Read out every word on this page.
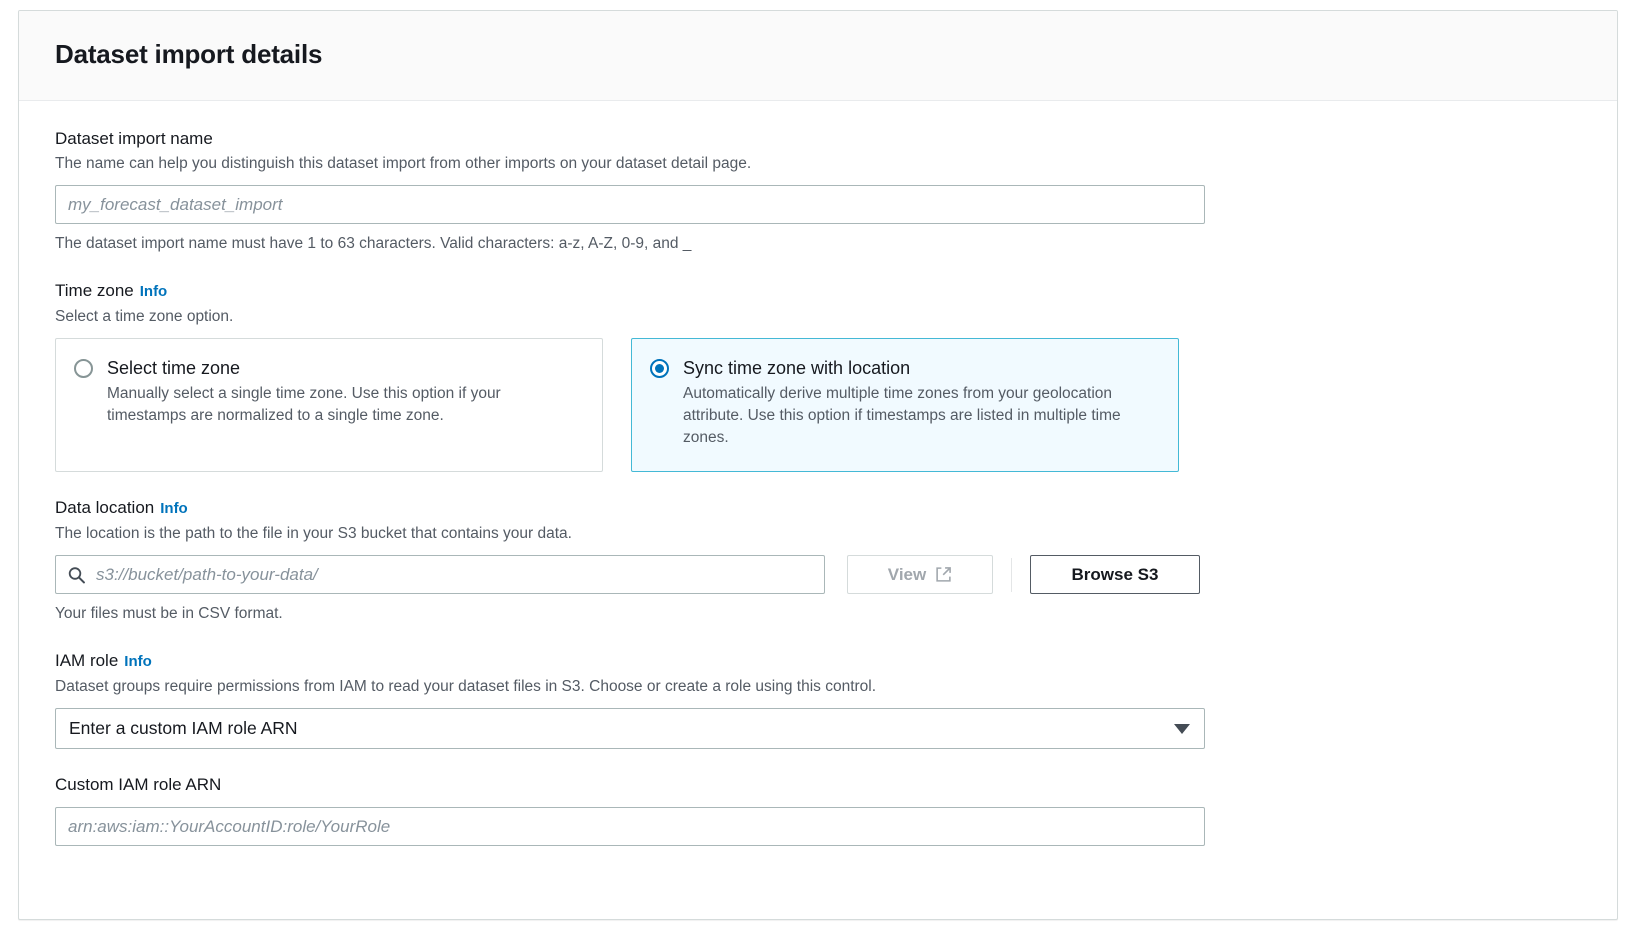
Dataset import details
Dataset import name
The name can help you distinguish this dataset import from other imports on your dataset detail page.
my_forecast_dataset_import
The dataset import name must have 1 to 63 characters. Valid characters: a-z, A-Z, 0-9, and _
Time zone Info
Select a time zone option.
Select time zone
Manually select a single time zone. Use this option if your timestamps are normalized to a single time zone.
Sync time zone with location
Automatically derive multiple time zones from your geolocation attribute. Use this option if timestamps are listed in multiple time zones.
Data location Info
The location is the path to the file in your S3 bucket that contains your data.
s3://bucket/path-to-your-data/
View	Browse S3
Your files must be in CSV format.
IAM role Info
Dataset groups require permissions from IAM to read your dataset files in S3. Choose or create a role using this control.
Enter a custom IAM role ARN
Custom IAM role ARN
arn:aws:iam::YourAccountID:role/YourRole
